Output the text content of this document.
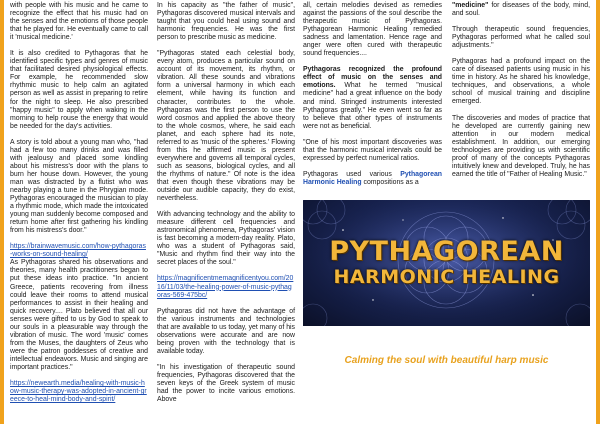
with people with his music and he came to recognize the effect that his music had on the senses and the emotions of those people that he played for. He eventually came to call it 'musical medicine.'

It is also credited to Pythagoras that he identified specific types and genres of music that facilitated desired physiological effects. For example, he recommended slow rhythmic music to help calm an agitated person as well as assist in preparing to retire for the night to sleep. He also prescribed "happy music" to apply when waking in the morning to help rouse the energy that would be needed for the day's activities.

A story is told about a young man who, "had had a few too many drinks and was filled with jealousy and placed some kindling about his mistress's door with the plans to burn her house down. However, the young man was distracted by a flutist who was nearby playing a tune in the Phrygian mode. Pythagoras encouraged the musician to play a rhythmic mode, which made the intoxicated young man suddenly become composed and return home after first gathering his kindling from his mistress's door."

https://brainwavemusic.com/how-pythagoras-works-on-sound-healing/

As Pythagoras shared his observations and theories, many health practitioners began to put these ideas into practice. "In ancient Greece, patients recovering from illness could leave their rooms to attend musical performances to assist in their healing and quick recovery.... Plato believed that all our senses were gifted to us by God to speak to our souls in a pleasurable way through the vibration of music. The word 'music' comes from the Muses, the daughters of Zeus who were the patron goddesses of creative and intellectual endeavors. Music and singing are important practices."

https://newearth.media/healing-with-music-how-music-therapy-was-adopted-in-ancient-greece-to-heal-mind-body-and-spirit/

In his capacity as "the father of music", Pythagoras discovered musical intervals and taught that you could heal using sound and harmonic frequencies. He was the first person to prescribe music as medicine.

"Pythagoras stated each celestial body, every atom, produces a particular sound on account of its movement, its rhythm, or vibration. All these sounds and vibrations form a universal harmony in which each element, while having its function and character, contributes to the whole. Pythagoras was the first person to use the word cosmos and applied the above theory to the whole cosmos, where, he said each planet, and each sphere had its note, referred to as 'music of the spheres.' Flowing from this he affirmed music is present everywhere and governs all temporal cycles, such as seasons, biological cycles, and all the rhythms of nature." Of note is the idea that even though these vibrations may be outside our audible capacity, they do exist, nevertheless.

With advancing technology and the ability to measure different cell frequencies and astronomical phenomena, Pythagoras' vision is fast becoming a modern-day reality. Plato, who was a student of Pythagoras said, "Music and rhythm find their way into the secret places of the soul."

https://magnificentmemagnificentyou.com/2016/11/03/the-healing-power-of-music-pythagoras-569-475bc/

Pythagoras did not have the advantage of the various instruments and technologies that are available to us today, yet many of his observations were accurate and are now being proven with the technology that is available today.

"In his investigation of therapeutic sound frequencies, Pythagoras discovered that the seven keys of the Greek system of music had the power to incite various emotions. Above

all, certain melodies devised as remedies against the passions of the soul describe the therapeutic music of Pythagoras. Pythagorean Harmonic Healing remedied sadness and lamentation. Hence rage and anger were often cured with therapeutic sound frequencies....

Pythagoras recognized the profound effect of music on the senses and emotions. What he termed "musical medicine" had a great influence on the body and mind. Stringed instruments interested Pythagoras greatly." He even went so far as to believe that other types of instruments were not as beneficial.

"One of his most important discoveries was that the harmonic musical intervals could be expressed by perfect numerical ratios.

Pythagoras used various Pythagorean Harmonic Healing compositions as a

"medicine" for diseases of the body, mind, and soul.

Through therapeutic sound frequencies, Pythagoras performed what he called soul adjustments."

Pythagoras had a profound impact on the care of diseased patients using music in his time in history. As he shared his knowledge, techniques, and observations, a whole school of musical training and discipline emerged.

The discoveries and modes of practice that he developed are currently gaining new attention in our modern medical establishment. In addition, our emerging technologies are providing us with scientific proof of many of the concepts Pythagoras intuitively knew and developed. Truly, he has earned the title of "Father of Healing Music."

PYTHAGOREAN
HARMONIC HEALING
Calming the soul with beautiful harp music
